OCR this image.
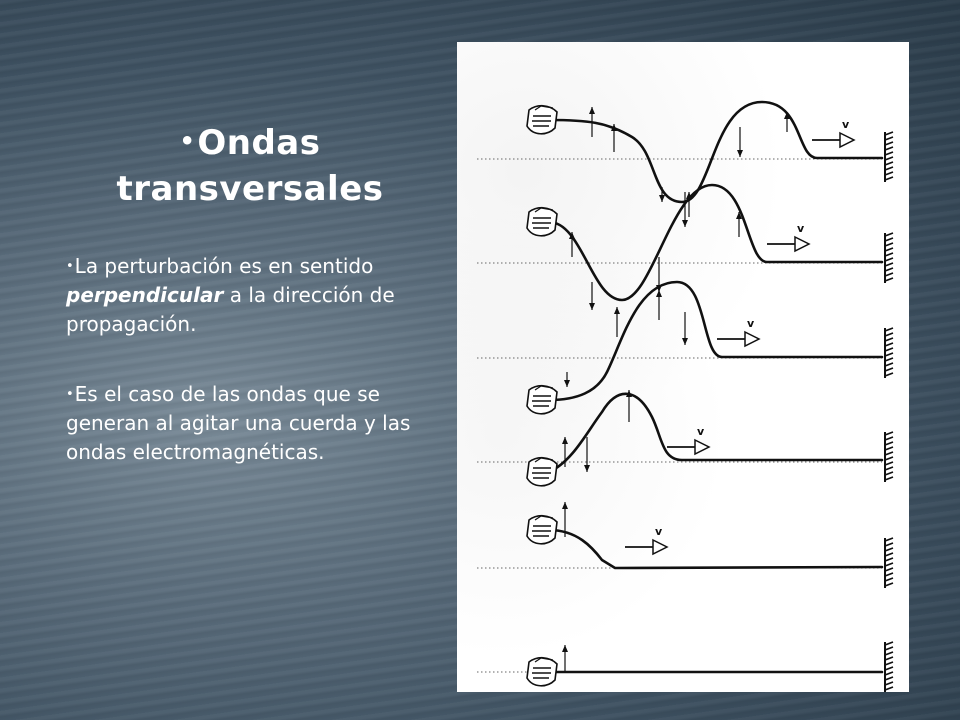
•Ondas transversales
•La perturbación es en sentido perpendicular a la dirección de propagación.
•Es el caso de las ondas que se generan al agitar una cuerda y las ondas electromagnéticas.
v
v
v
v
v
